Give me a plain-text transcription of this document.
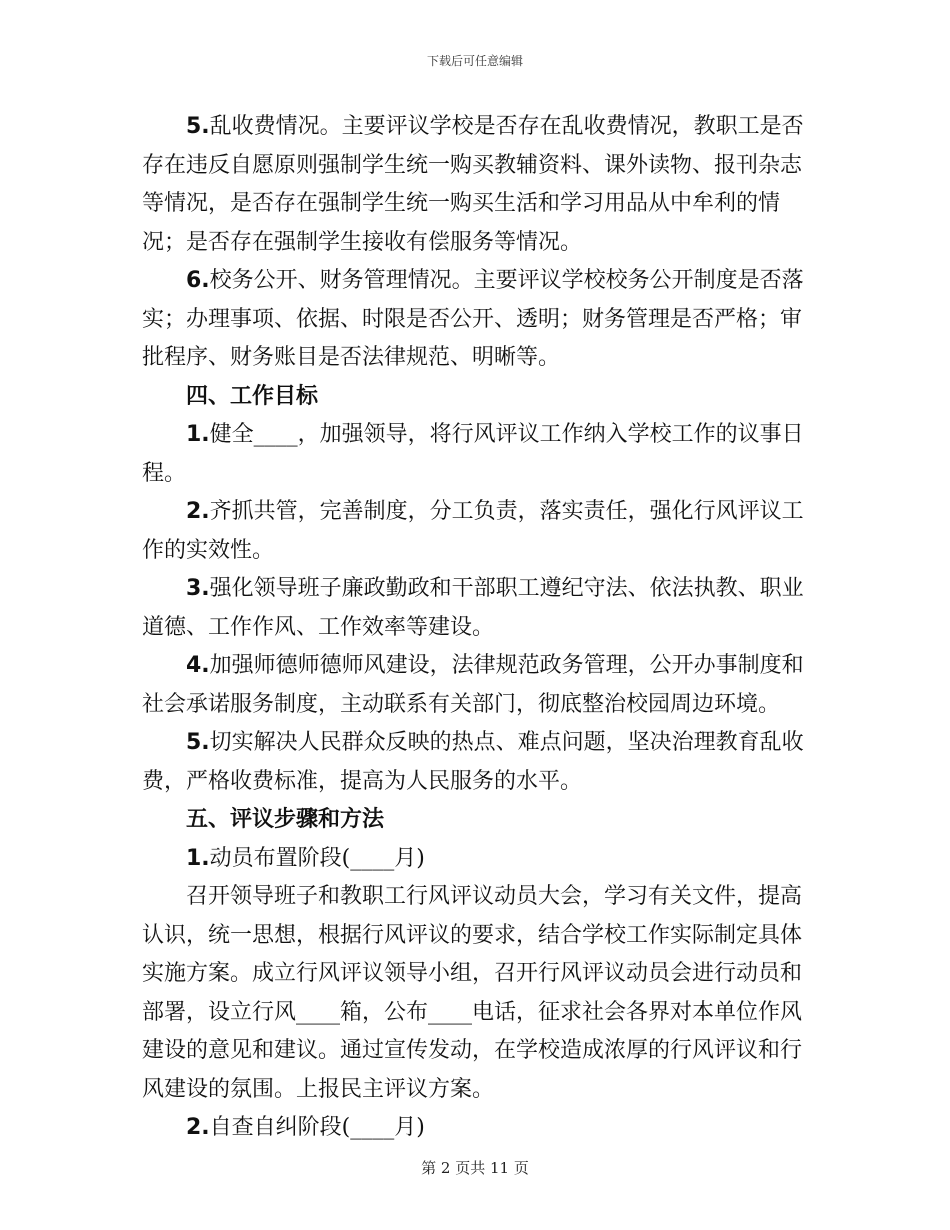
下载后可任意编辑

5.乱收费情况。主要评议学校是否存在乱收费情况，教职工是否存在违反自愿原则强制学生统一购买教辅资料、课外读物、报刊杂志等情况，是否存在强制学生统一购买生活和学习用品从中牟利的情况；是否存在强制学生接收有偿服务等情况。

6.校务公开、财务管理情况。主要评议学校校务公开制度是否落实；办理事项、依据、时限是否公开、透明；财务管理是否严格；审批程序、财务账目是否法律规范、明晰等。

四、工作目标

1.健全____，加强领导，将行风评议工作纳入学校工作的议事日程。

2.齐抓共管，完善制度，分工负责，落实责任，强化行风评议工作的实效性。

3.强化领导班子廉政勤政和干部职工遵纪守法、依法执教、职业道德、工作作风、工作效率等建设。

4.加强师德师德师风建设，法律规范政务管理，公开办事制度和社会承诺服务制度，主动联系有关部门，彻底整治校园周边环境。

5.切实解决人民群众反映的热点、难点问题，坚决治理教育乱收费，严格收费标准，提高为人民服务的水平。

五、评议步骤和方法

1.动员布置阶段(____月)

召开领导班子和教职工行风评议动员大会，学习有关文件，提高认识，统一思想，根据行风评议的要求，结合学校工作实际制定具体实施方案。成立行风评议领导小组，召开行风评议动员会进行动员和部署，设立行风____箱，公布____电话，征求社会各界对本单位作风建设的意见和建议。通过宣传发动，在学校造成浓厚的行风评议和行风建设的氛围。上报民主评议方案。

2.自查自纠阶段(____月)

第 2 页共 11 页
